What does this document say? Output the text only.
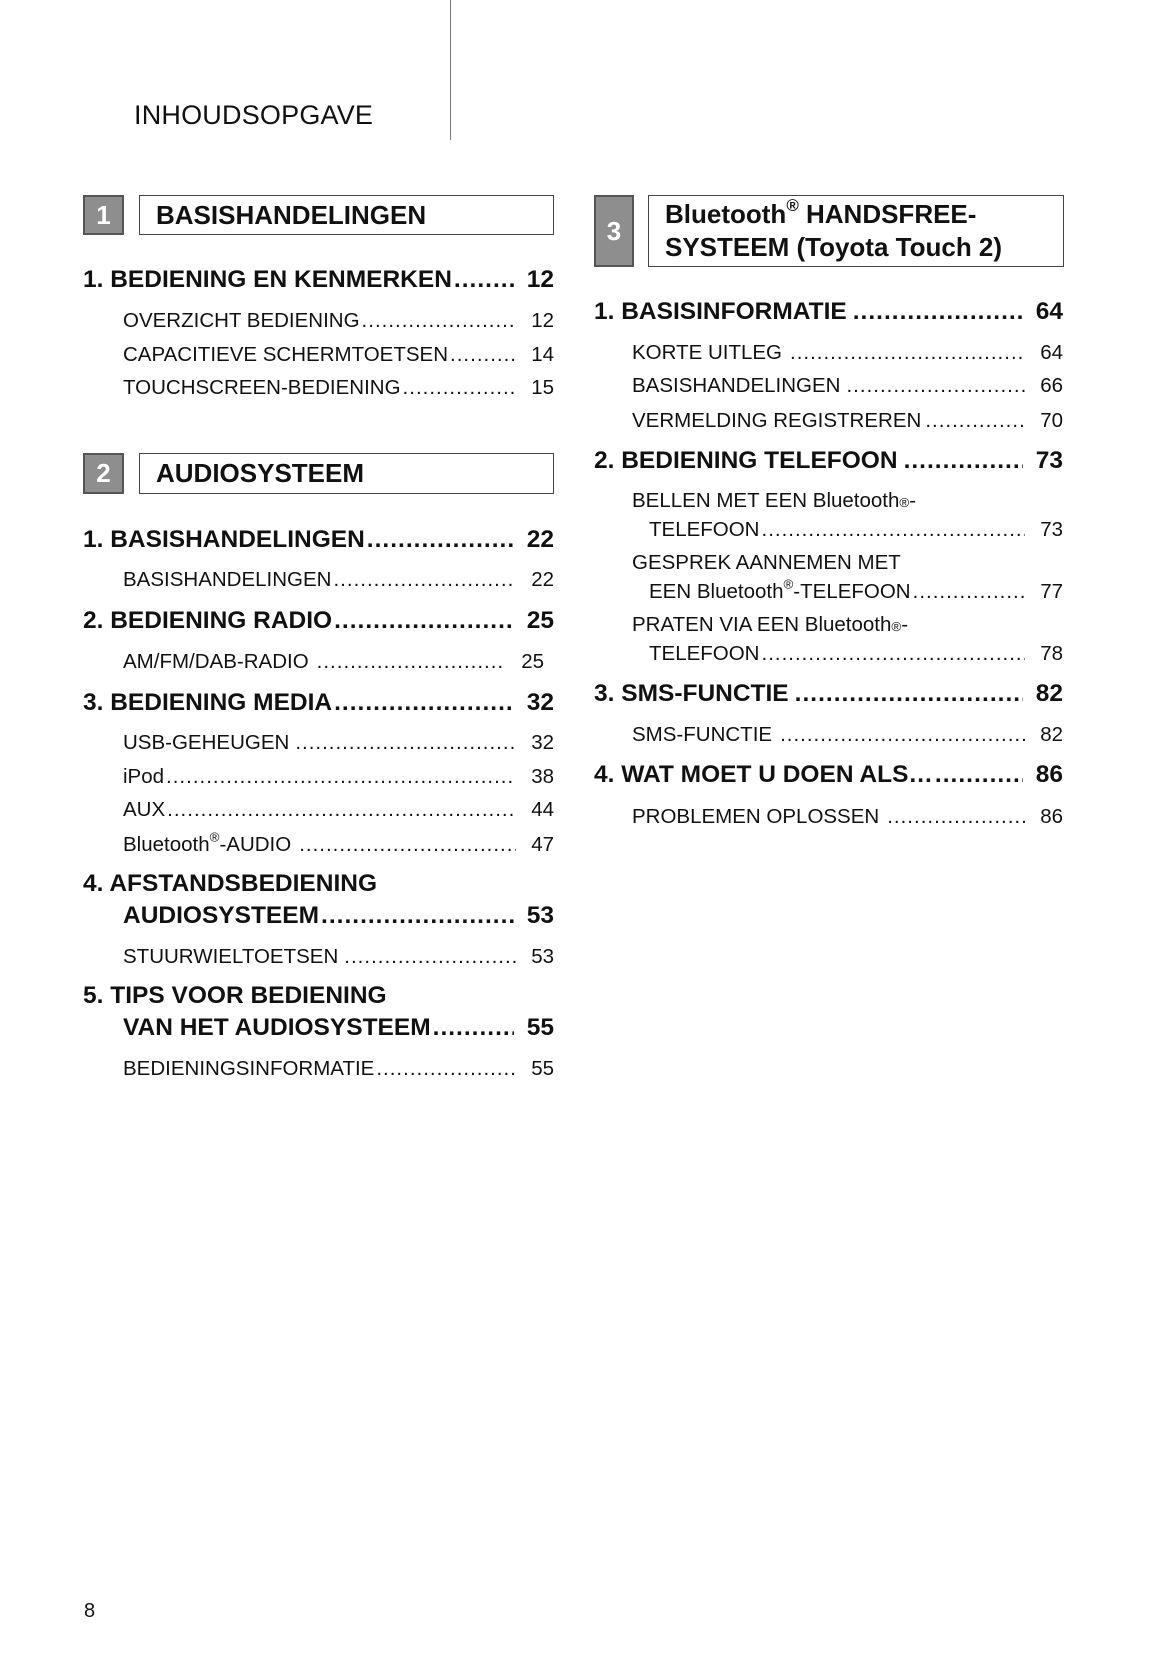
INHOUDSOPGAVE
1	BASISHANDELINGEN
1. BEDIENING EN KENMERKEN .....	12
OVERZICHT BEDIENING .....	12
CAPACITIEVE SCHERMTOETSEN .....	14
TOUCHSCREEN-BEDIENING .....	15
2	AUDIOSYSTEEM
1. BASISHANDELINGEN .....	22
BASISHANDELINGEN .....	22
2. BEDIENING RADIO .....	25
AM/FM/DAB-RADIO .....	25
3. BEDIENING MEDIA .....	32
USB-GEHEUGEN .....	32
iPod .....	38
AUX .....	44
Bluetooth®-AUDIO .....	47
4. AFSTANDSBEDIENING
AUDIOSYSTEEM .....	53
STUURWIELTOETSEN .....	53
5. TIPS VOOR BEDIENING
VAN HET AUDIOSYSTEEM .....	55
BEDIENINGSINFORMATIE .....	55
3
Bluetooth® HANDSFREE-
SYSTEEM (Toyota Touch 2)
1. BASISINFORMATIE .....	64
KORTE UITLEG .....	64
BASISHANDELINGEN .....	66
VERMELDING REGISTREREN .....	70
2. BEDIENING TELEFOON .....	73
BELLEN MET EEN Bluetooth ® -
TELEFOON .....	73
GESPREK AANNEMEN MET
EEN Bluetooth®-TELEFOON .....	77
PRATEN VIA EEN Bluetooth ® -
TELEFOON .....	78
3. SMS-FUNCTIE .....	82
SMS-FUNCTIE .....	82
4. WAT MOET U DOEN ALS… .....	86
PROBLEMEN OPLOSSEN .....	86
8
